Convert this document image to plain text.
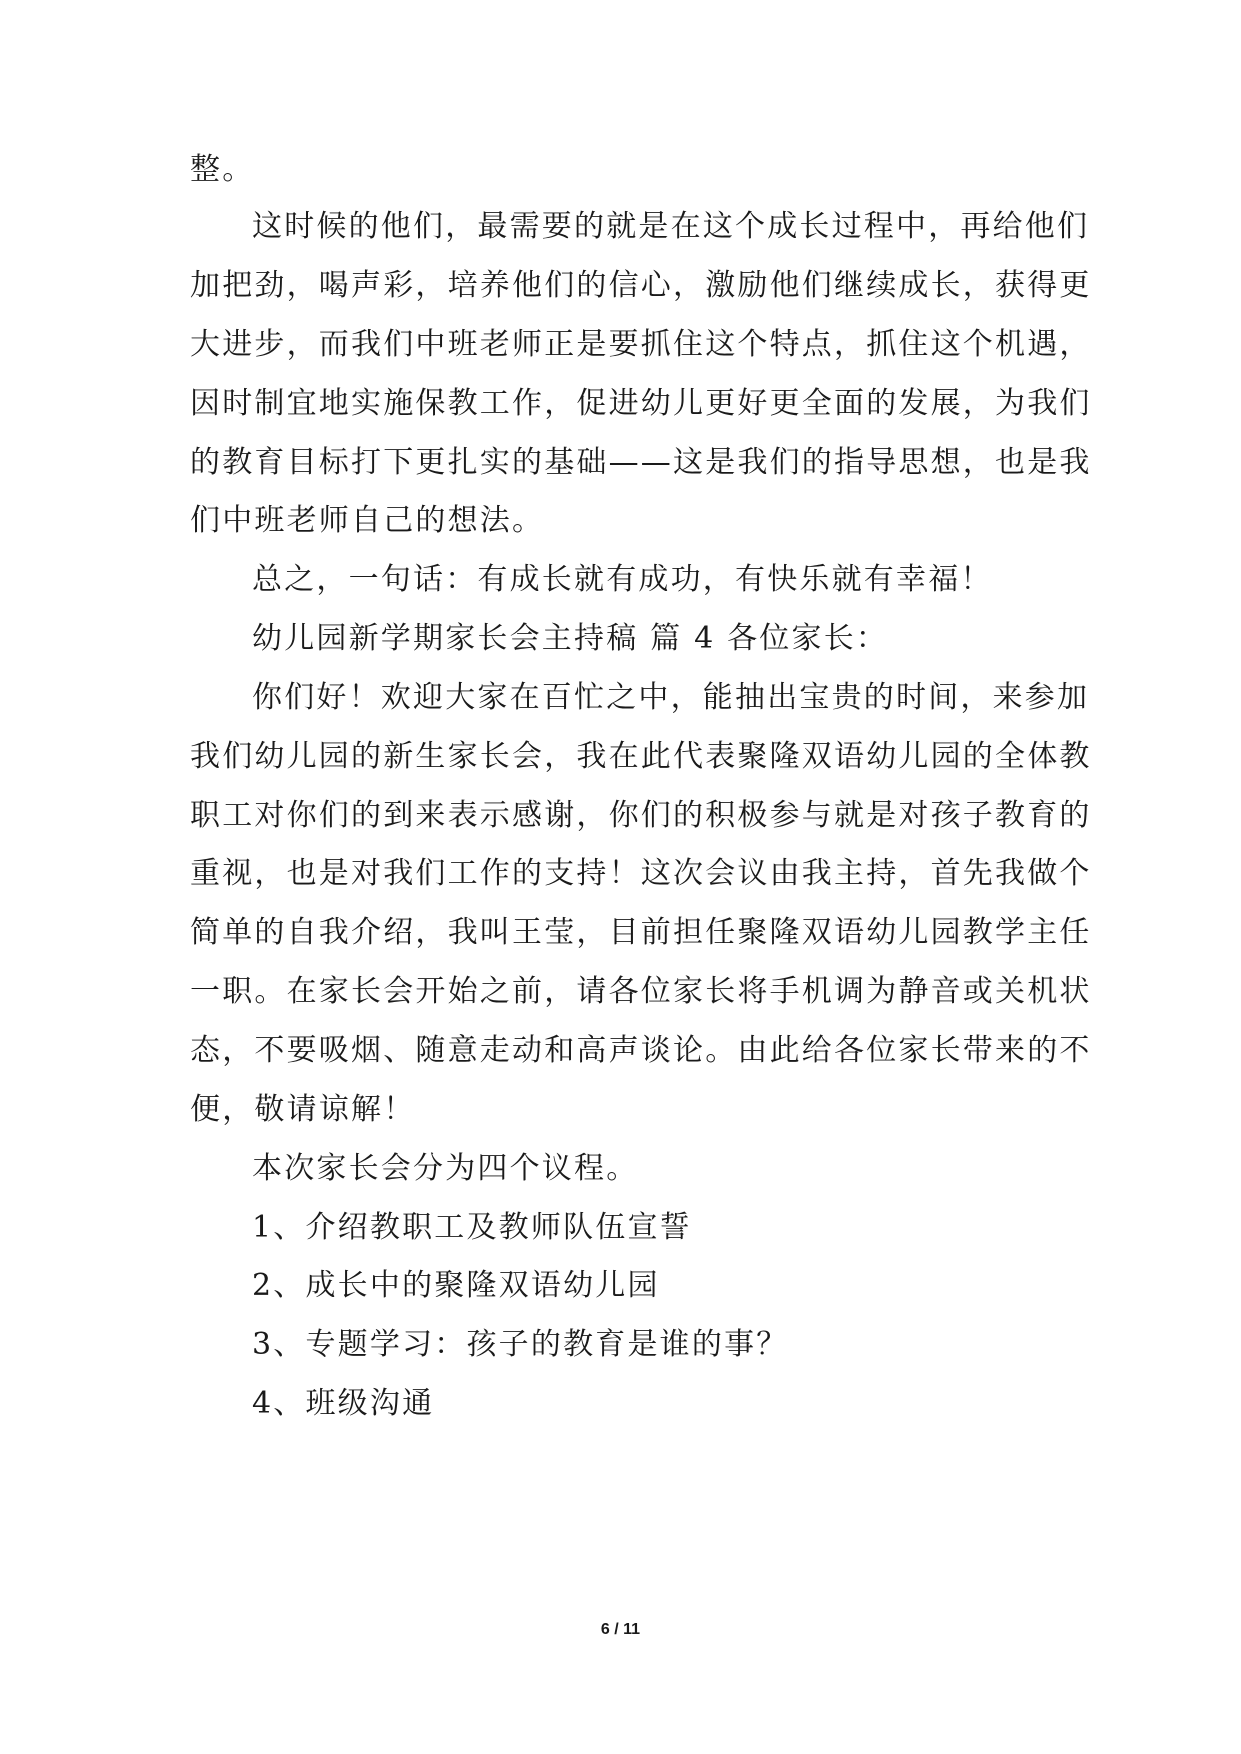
整。
这时候的他们，最需要的就是在这个成长过程中，再给他们
加把劲，喝声彩，培养他们的信心，激励他们继续成长，获得更
大进步，而我们中班老师正是要抓住这个特点，抓住这个机遇，
因时制宜地实施保教工作，促进幼儿更好更全面的发展，为我们
的教育目标打下更扎实的基础——这是我们的指导思想，也是我
们中班老师自己的想法。
总之，一句话：有成长就有成功，有快乐就有幸福！
幼儿园新学期家长会主持稿 篇 4 各位家长：
你们好！欢迎大家在百忙之中，能抽出宝贵的时间，来参加
我们幼儿园的新生家长会，我在此代表聚隆双语幼儿园的全体教
职工对你们的到来表示感谢，你们的积极参与就是对孩子教育的
重视，也是对我们工作的支持！这次会议由我主持，首先我做个
简单的自我介绍，我叫王莹，目前担任聚隆双语幼儿园教学主任
一职。在家长会开始之前，请各位家长将手机调为静音或关机状
态，不要吸烟、随意走动和高声谈论。由此给各位家长带来的不
便，敬请谅解！
本次家长会分为四个议程。
1、介绍教职工及教师队伍宣誓
2、成长中的聚隆双语幼儿园
3、专题学习：孩子的教育是谁的事？
4、班级沟通
6 / 11
